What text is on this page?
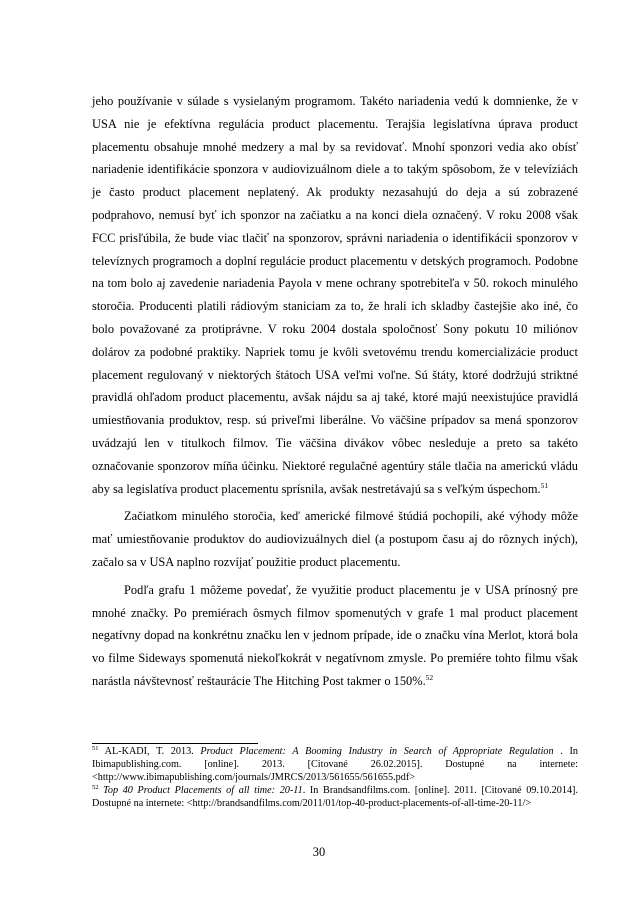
jeho používanie v súlade s vysielaným programom. Takéto nariadenia vedú k domnienke, že v USA nie je efektívna regulácia product placementu. Terajšia legislatívna úprava product placementu obsahuje mnohé medzery a mal by sa revidovať. Mnohí sponzori vedia ako obísť nariadenie identifikácie sponzora v audiovizuálnom diele a to takým spôsobom, že v televíziách je často product placement neplatený. Ak produkty nezasahujú do deja a sú zobrazené podprahovo, nemusí byť ich sponzor na začiatku a na konci diela označený. V roku 2008 však FCC prisľúbila, že bude viac tlačiť na sponzorov, správni nariadenia o identifikácii sponzorov v televíznych programoch a doplní regulácie product placementu v detských programoch. Podobne na tom bolo aj zavedenie nariadenia Payola v mene ochrany spotrebiteľa v 50. rokoch minulého storočia. Producenti platili rádiovým staniciam za to, že hrali ich skladby častejšie ako iné, čo bolo považované za protiprávne. V roku 2004 dostala spoločnosť Sony pokutu 10 miliónov dolárov za podobné praktiky. Napriek tomu je kvôli svetovému trendu komercializácie product placement regulovaný v niektorých štátoch USA veľmi voľne. Sú štáty, ktoré dodržujú striktné pravidlá ohľadom product placementu, avšak nájdu sa aj také, ktoré majú neexistujúce pravidlá umiestňovania produktov, resp. sú priveľmi liberálne. Vo väčšine prípadov sa mená sponzorov uvádzajú len v titulkoch filmov. Tie väčšina divákov vôbec nesleduje a preto sa takéto označovanie sponzorov míňa účinku. Niektoré regulačné agentúry stále tlačia na americkú vládu aby sa legislatíva product placementu sprísnila, avšak nestretávajú sa s veľkým úspechom.$^{51}$

Začiatkom minulého storočia, keď americké filmové štúdiá pochopili, aké výhody môže mať umiestňovanie produktov do audiovizuálnych diel (a postupom času aj do rôznych iných), začalo sa v USA naplno rozvíjať použitie product placementu.

Podľa grafu 1 môžeme povedať, že využitie product placementu je v USA prínosný pre mnohé značky. Po premiérach ôsmych filmov spomenutých v grafe 1 mal product placement negatívny dopad na konkrétnu značku len v jednom prípade, ide o značku vína Merlot, ktorá bola vo filme Sideways spomenutá niekoľkokrát v negatívnom zmysle. Po premiére tohto filmu však narástla návštevnosť reštaurácie The Hitching Post takmer o 150%.$^{52}$

$^{51}$ AL-KADI, T. 2013. Product Placement: A Booming Industry in Search of Appropriate Regulation . In Ibimapublishing.com. [online]. 2013. [Citované 26.02.2015]. Dostupné na internete: <http://www.ibimapublishing.com/journals/JMRCS/2013/561655/561655.pdf>

$^{52}$ Top 40 Product Placements of all time: 20-11. In Brandsandfilms.com. [online]. 2011. [Citované 09.10.2014]. Dostupné na internete: <http://brandsandfilms.com/2011/01/top-40-product-placements-of-all-time-20-11/>

30
